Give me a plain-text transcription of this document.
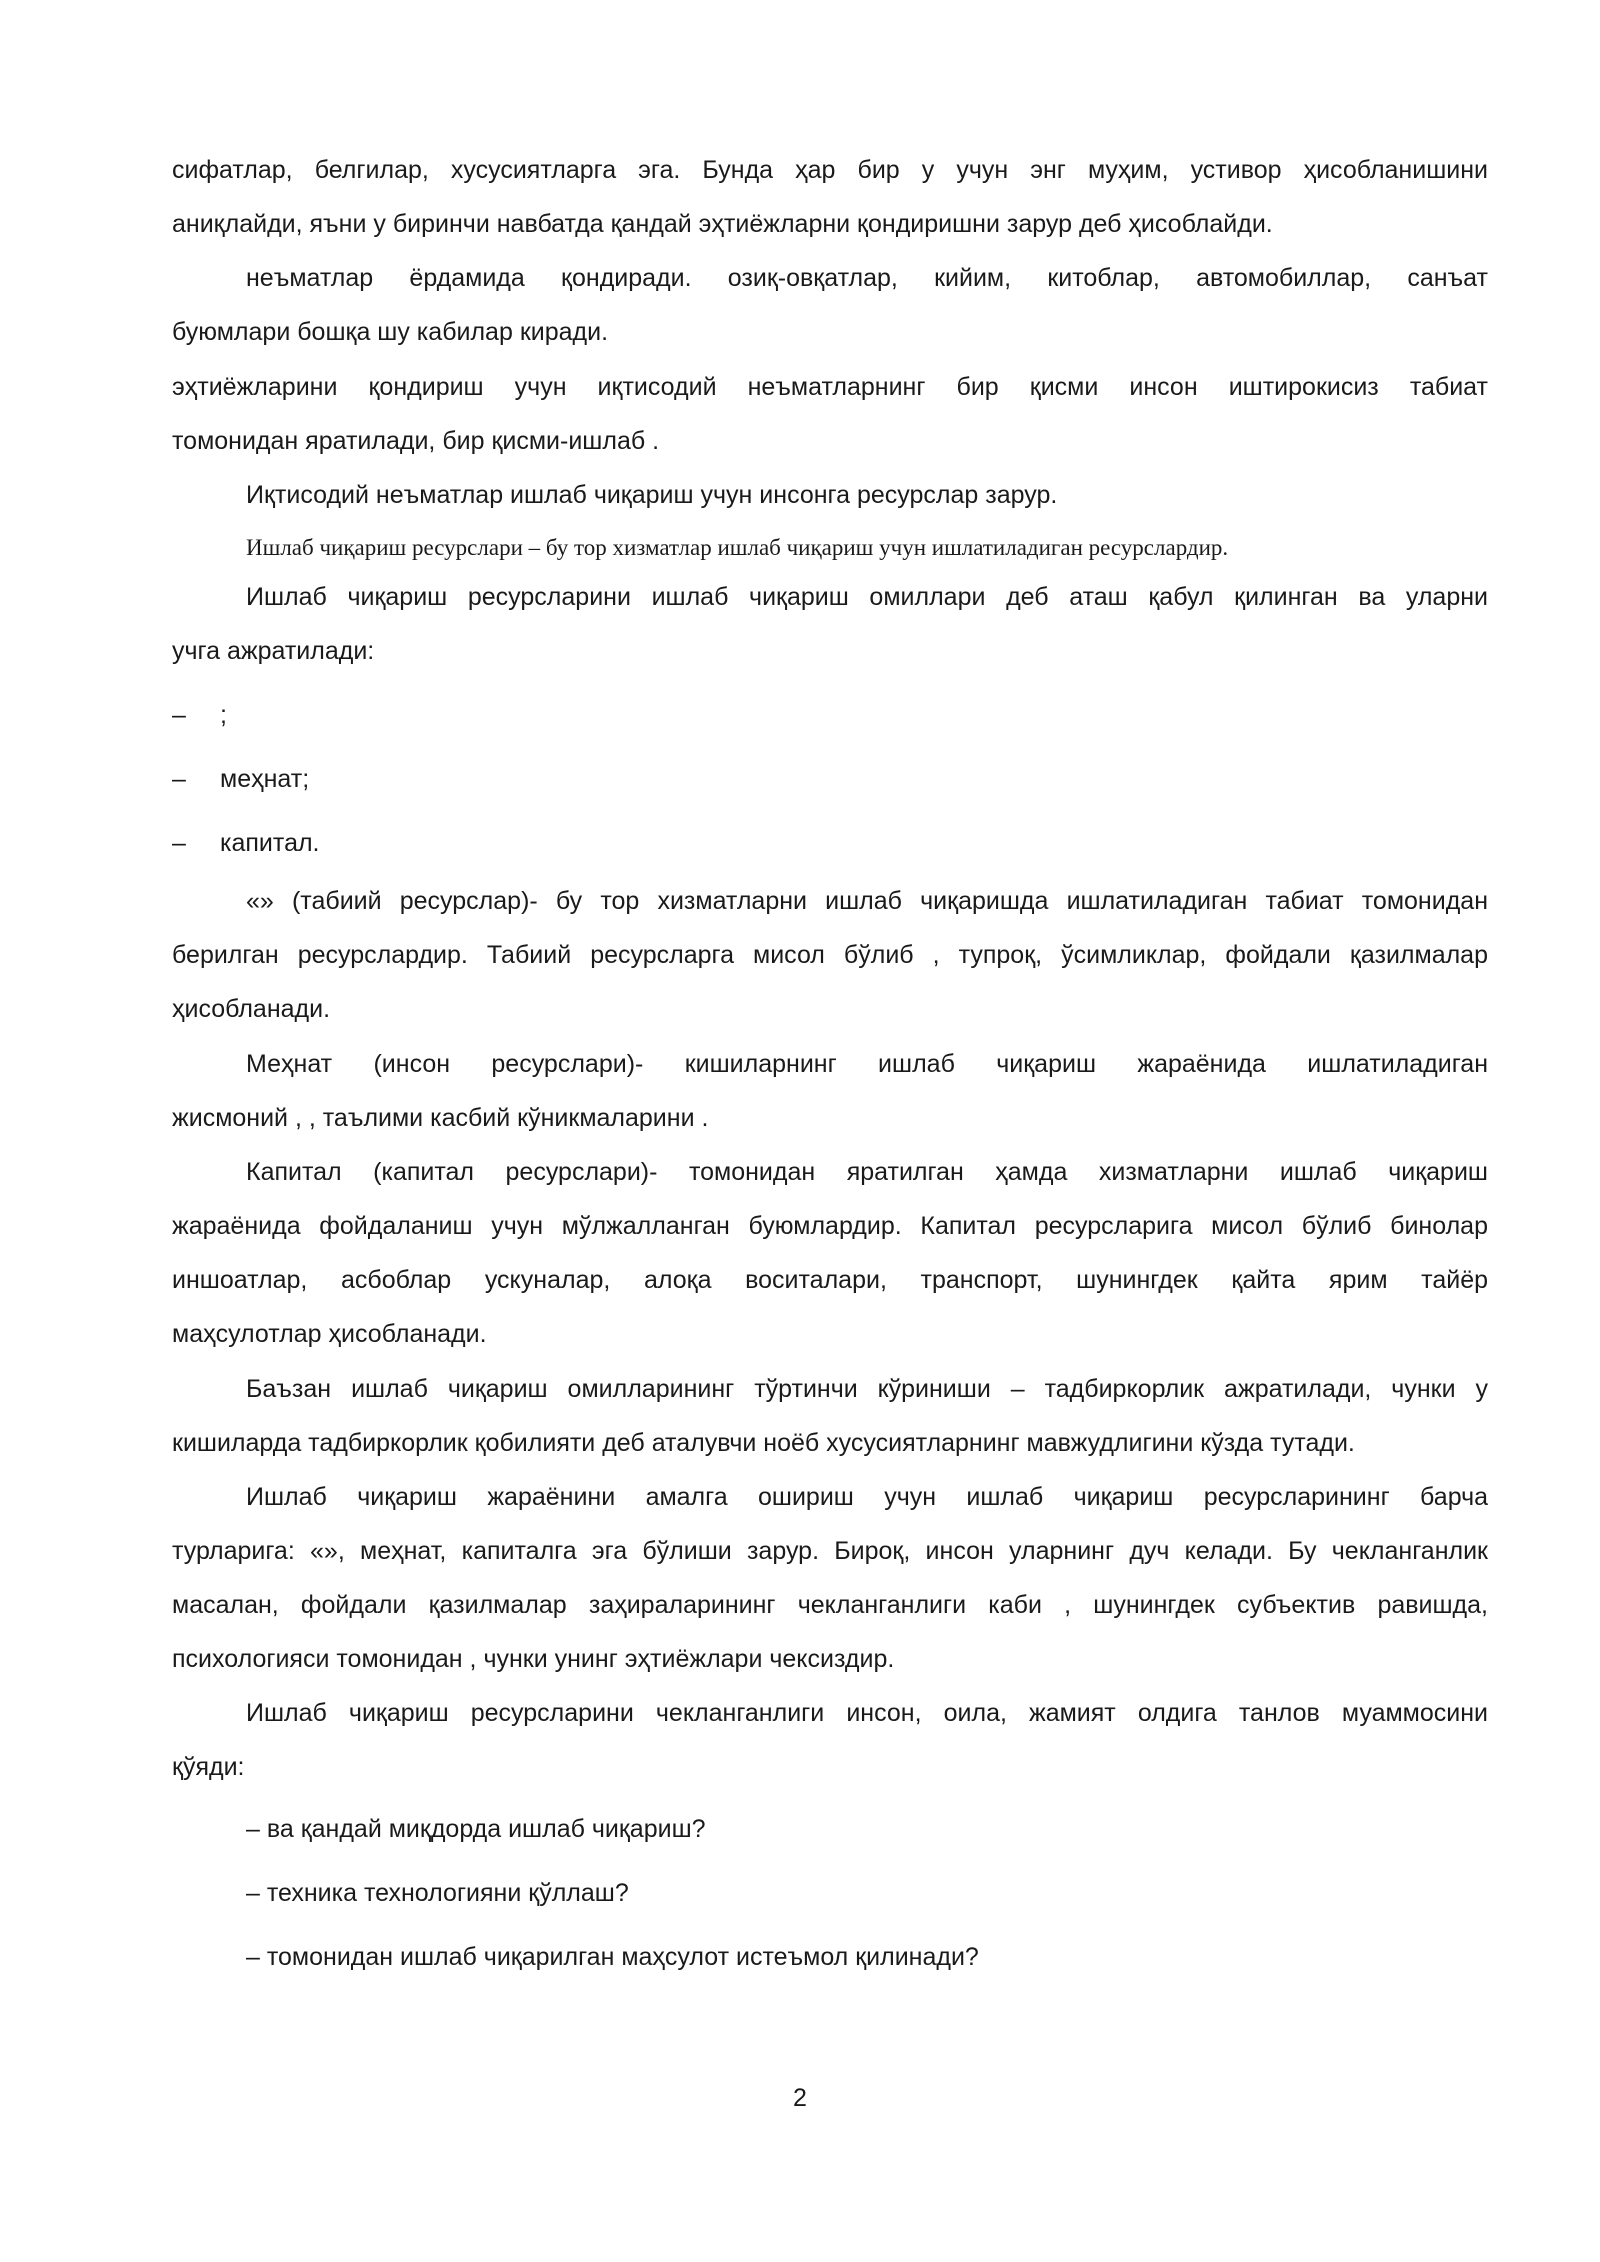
сифатлар, белгилар, хусусиятларга эга. Бунда ҳар бир у учун энг муҳим, устивор ҳисобланишини
аниқлайди, яъни у биринчи навбатда қандай эҳтиёжларни қондиришни зарур деб ҳисоблайди.
неъматлар ёрдамида қондиради. озиқ-овқатлар, кийим, китоблар, автомобиллар, санъат
буюмлари бошқа шу кабилар киради.
эҳтиёжларини қондириш учун иқтисодий неъматларнинг бир қисми инсон иштирокисиз табиат
томонидан яратилади, бир қисми-ишлаб .
Иқтисодий неъматлар ишлаб чиқариш учун инсонга ресурслар зарур.
Ишлаб чиқариш ресурслари – бу тор хизматлар ишлаб чиқариш учун ишлатиладиган ресурслардир.
Ишлаб чиқариш ресурсларини ишлаб чиқариш омиллари деб аташ қабул қилинган ва уларни
учга ажратилади:
– ;
– меҳнат;
– капитал.
«» (табиий ресурслар)- бу тор хизматларни ишлаб чиқаришда ишлатиладиган табиат томонидан
берилган ресурслардир. Табиий ресурсларга мисол бўлиб , тупроқ, ўсимликлар, фойдали қазилмалар
ҳисобланади.
Меҳнат (инсон ресурслари)- кишиларнинг ишлаб чиқариш жараёнида ишлатиладиган
жисмоний , , таълими касбий кўникмаларини .
Капитал (капитал ресурслари)- томонидан яратилган ҳамда хизматларни ишлаб чиқариш
жараёнида фойдаланиш учун мўлжалланган буюмлардир. Капитал ресурсларига мисол бўлиб бинолар
иншоатлар, асбоблар ускуналар, алоқа воситалари, транспорт, шунингдек қайта ярим тайёр
маҳсулотлар ҳисобланади.
Баъзан ишлаб чиқариш омилларининг тўртинчи кўриниши – тадбиркорлик ажратилади, чунки у
кишиларда тадбиркорлик қобилияти деб аталувчи ноёб хусусиятларнинг мавжудлигини кўзда тутади.
Ишлаб чиқариш жараёнини амалга ошириш учун ишлаб чиқариш ресурсларининг барча
турларига: «», меҳнат, капиталга эга бўлиши зарур. Бироқ, инсон уларнинг дуч келади. Бу чекланганлик
масалан, фойдали қазилмалар заҳираларининг чекланганлиги каби , шунингдек субъектив равишда,
психологияси томонидан , чунки унинг эҳтиёжлари чексиздир.
Ишлаб чиқариш ресурсларини чекланганлиги инсон, оила, жамият олдига танлов муаммосини
қўяди:
– ва қандай миқдорда ишлаб чиқариш?
– техника технологияни қўллаш?
– томонидан ишлаб чиқарилган маҳсулот истеъмол қилинади?
2
